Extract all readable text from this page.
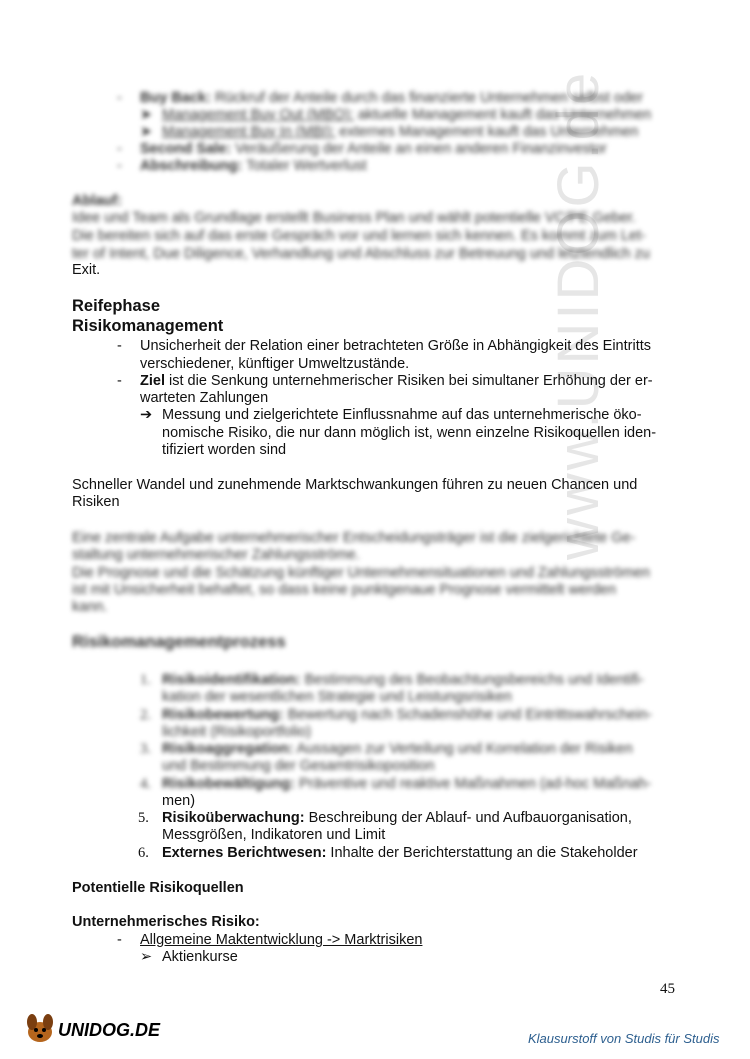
www.UNIDOG.de
- Buy Back: Rückruf der Anteile durch das finanzierte Unternehmen selbst oder
➤ Management Buy Out (MBO): aktuelle Management kauft das Unternehmen
➤ Management Buy In (MBI): externes Management kauft das Unternehmen
- Second Sale: Veräußerung der Anteile an einen anderen Finanzinvestor
- Abschreibung: Totaler Wertverlust
Ablauf:
Idee und Team als Grundlage erstellt Business Plan und wählt potentielle VC/PE Geber.
Die bereiten sich auf das erste Gespräch vor und lernen sich kennen. Es kommt zum Let-
ter of Intent, Due Diligence, Verhandlung und Abschluss zur Betreuung und letztendlich zu
Exit.
Reifephase
Risikomanagement
- Unsicherheit der Relation einer betrachteten Größe in Abhängigkeit des Eintritts
verschiedener, künftiger Umweltzustände.
- Ziel ist die Senkung unternehmerischer Risiken bei simultaner Erhöhung der er-
warteten Zahlungen
➔ Messung und zielgerichtete Einflussnahme auf das unternehmerische öko-
nomische Risiko, die nur dann möglich ist, wenn einzelne Risikoquellen iden-
tifiziert worden sind
Schneller Wandel und zunehmende Marktschwankungen führen zu neuen Chancen und
Risiken
Eine zentrale Aufgabe unternehmerischer Entscheidungsträger ist die zielgerichtete Ge-
staltung unternehmerischer Zahlungsströme.
Die Prognose und die Schätzung künftiger Unternehmensituationen und Zahlungsströmen
ist mit Unsicherheit behaftet, so dass keine punktgenaue Prognose vermittelt werden
kann.
Risikomanagementprozess
1. Risikoidentifikation: Bestimmung des Beobachtungsbereichs und Identifi-
kation der wesentlichen Strategie und Leistungsrisiken
2. Risikobewertung: Bewertung nach Schadenshöhe und Eintrittswahrschein-
lichkeit (Risikoportfolio)
3. Risikoaggregation: Aussagen zur Verteilung und Korrelation der Risiken
und Bestimmung der Gesamtrisikoposition
4. Risikobewältigung: Präventive und reaktive Maßnahmen (ad-hoc Maßnah-
men)
5. Risikoüberwachung: Beschreibung der Ablauf- und Aufbauorganisation,
Messgrößen, Indikatoren und Limit
6. Externes Berichtwesen: Inhalte der Berichterstattung an die Stakeholder
Potentielle Risikoquellen
Unternehmerisches Risiko:
- Allgemeine Maktentwicklung -> Marktrisiken
➢ Aktienkurse
45
UNIDOG.DE	Klausurstoff von Studis für Studis
